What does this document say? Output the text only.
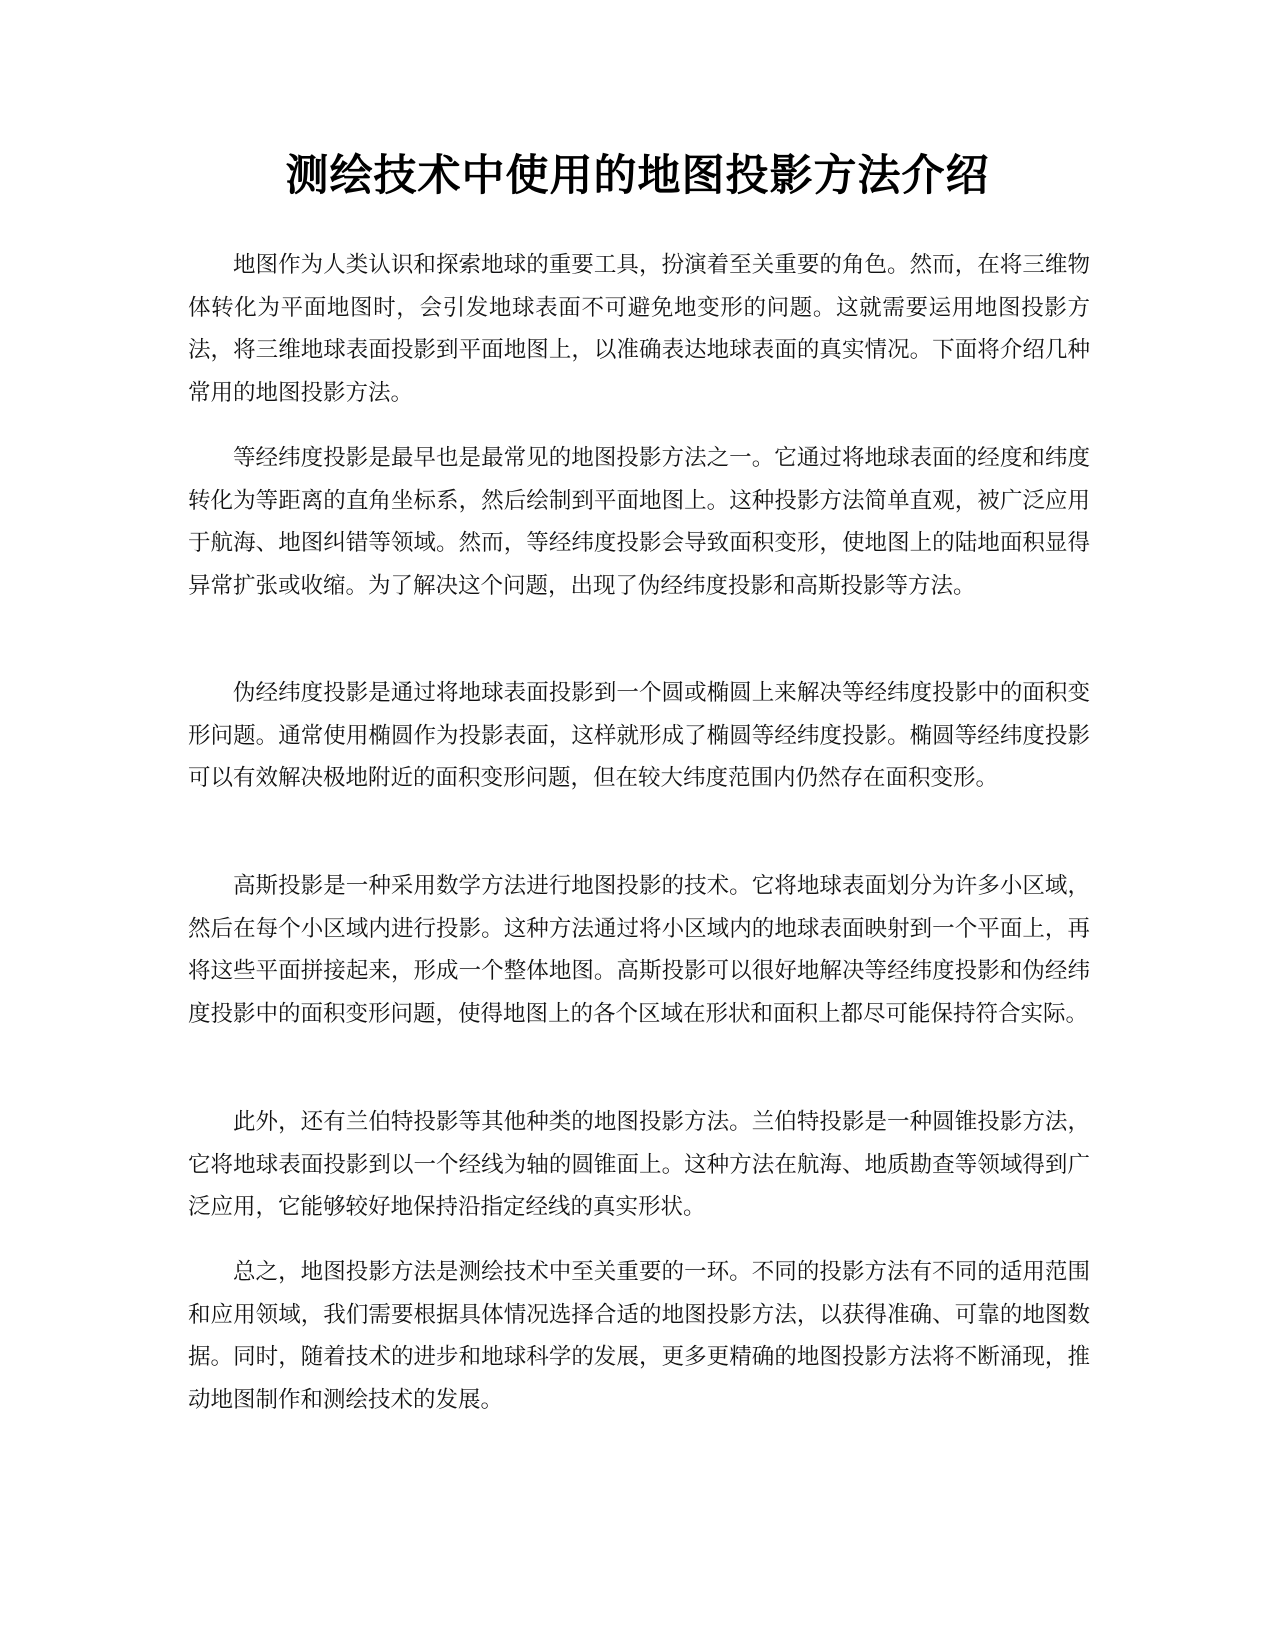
测绘技术中使用的地图投影方法介绍

地图作为人类认识和探索地球的重要工具，扮演着至关重要的角色。然而，在将三维物体转化为平面地图时，会引发地球表面不可避免地变形的问题。这就需要运用地图投影方法，将三维地球表面投影到平面地图上，以准确表达地球表面的真实情况。下面将介绍几种常用的地图投影方法。

等经纬度投影是最早也是最常见的地图投影方法之一。它通过将地球表面的经度和纬度转化为等距离的直角坐标系，然后绘制到平面地图上。这种投影方法简单直观，被广泛应用于航海、地图纠错等领域。然而，等经纬度投影会导致面积变形，使地图上的陆地面积显得异常扩张或收缩。为了解决这个问题，出现了伪经纬度投影和高斯投影等方法。

伪经纬度投影是通过将地球表面投影到一个圆或椭圆上来解决等经纬度投影中的面积变形问题。通常使用椭圆作为投影表面，这样就形成了椭圆等经纬度投影。椭圆等经纬度投影可以有效解决极地附近的面积变形问题，但在较大纬度范围内仍然存在面积变形。

高斯投影是一种采用数学方法进行地图投影的技术。它将地球表面划分为许多小区域，然后在每个小区域内进行投影。这种方法通过将小区域内的地球表面映射到一个平面上，再将这些平面拼接起来，形成一个整体地图。高斯投影可以很好地解决等经纬度投影和伪经纬度投影中的面积变形问题，使得地图上的各个区域在形状和面积上都尽可能保持符合实际。

此外，还有兰伯特投影等其他种类的地图投影方法。兰伯特投影是一种圆锥投影方法，它将地球表面投影到以一个经线为轴的圆锥面上。这种方法在航海、地质勘查等领域得到广泛应用，它能够较好地保持沿指定经线的真实形状。

总之，地图投影方法是测绘技术中至关重要的一环。不同的投影方法有不同的适用范围和应用领域，我们需要根据具体情况选择合适的地图投影方法，以获得准确、可靠的地图数据。同时，随着技术的进步和地球科学的发展，更多更精确的地图投影方法将不断涌现，推动地图制作和测绘技术的发展。
